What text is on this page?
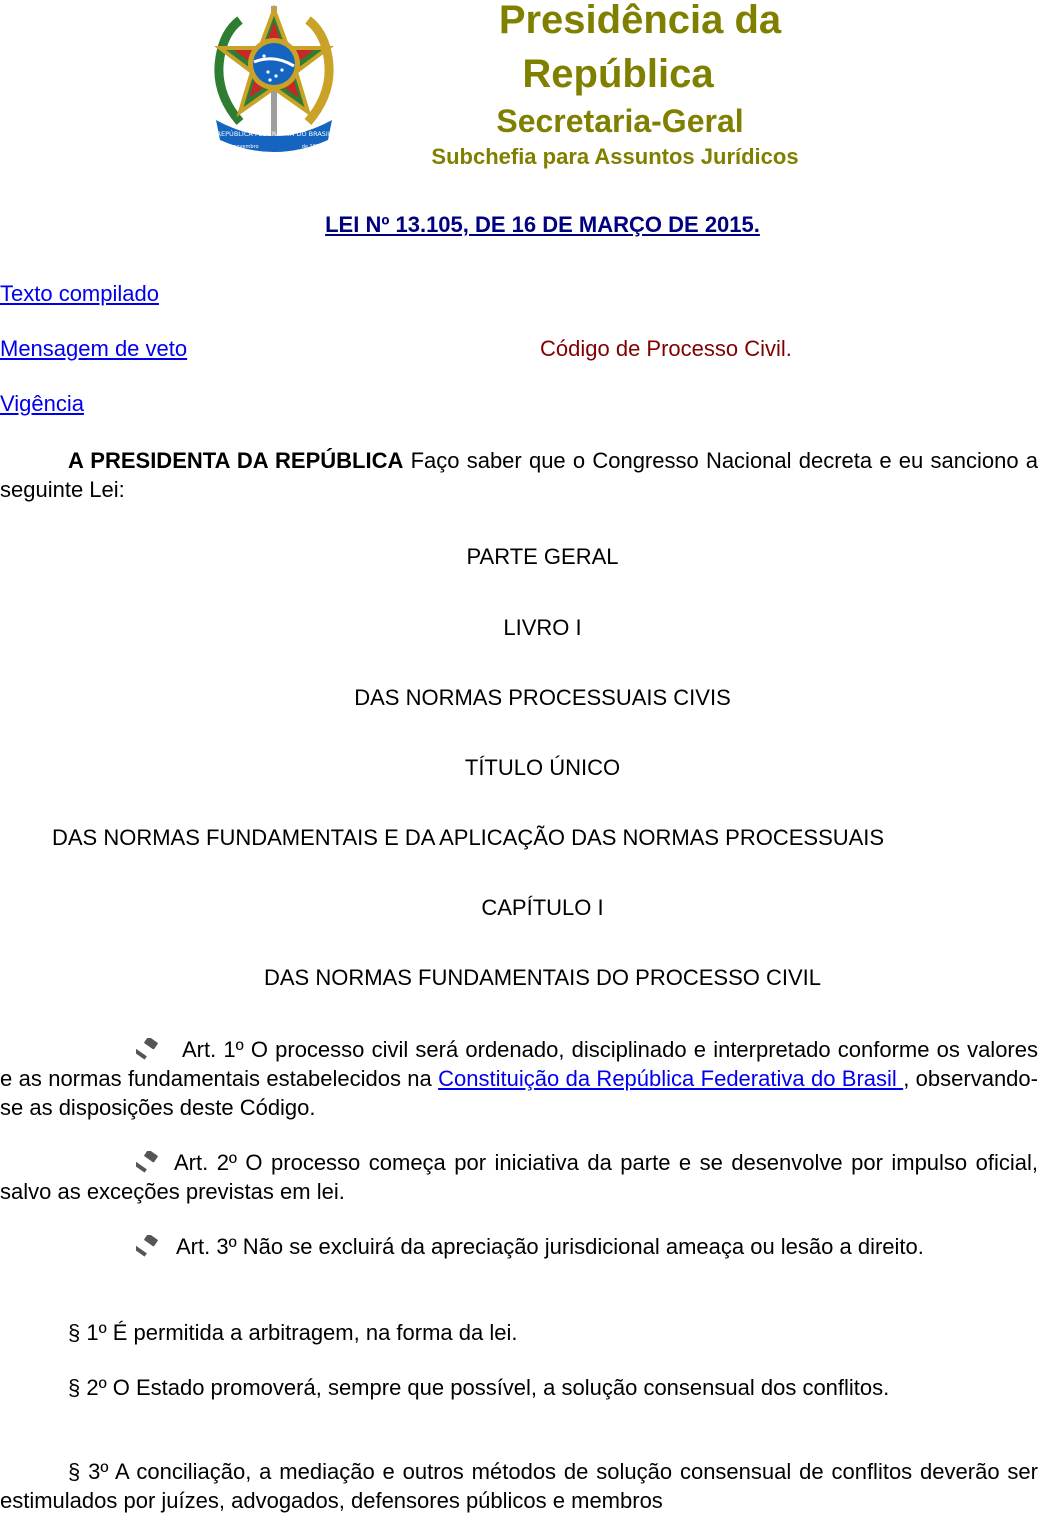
REPÚBLICA FEDERATIVA DO BRASIL
15 de novembro	de 1889
Presidência da
República
Secretaria-Geral
Subchefia para Assuntos Jurídicos
LEI Nº 13.105, DE 16 DE MARÇO DE 2015.
Texto compilado
Mensagem de veto
Vigência
Código de Processo Civil.
A PRESIDENTA DA REPÚBLICA Faço saber que o Congresso Nacional decreta e eu sanciono a seguinte Lei:
PARTE GERAL
LIVRO I
DAS NORMAS PROCESSUAIS CIVIS
TÍTULO ÚNICO
DAS NORMAS FUNDAMENTAIS E DA APLICAÇÃO DAS NORMAS PROCESSUAIS
CAPÍTULO I
DAS NORMAS FUNDAMENTAIS DO PROCESSO CIVIL
Art. 1º O processo civil será ordenado, disciplinado e interpretado conforme os valores e as normas fundamentais estabelecidos na Constituição da República Federativa do Brasil , observando-se as disposições deste Código.
Art. 2º O processo começa por iniciativa da parte e se desenvolve por impulso oficial, salvo as exceções previstas em lei.
Art. 3º Não se excluirá da apreciação jurisdicional ameaça ou lesão a direito.
§ 1º É permitida a arbitragem, na forma da lei.
§ 2º O Estado promoverá, sempre que possível, a solução consensual dos conflitos.
§ 3º A conciliação, a mediação e outros métodos de solução consensual de conflitos deverão ser estimulados por juízes, advogados, defensores públicos e membros
